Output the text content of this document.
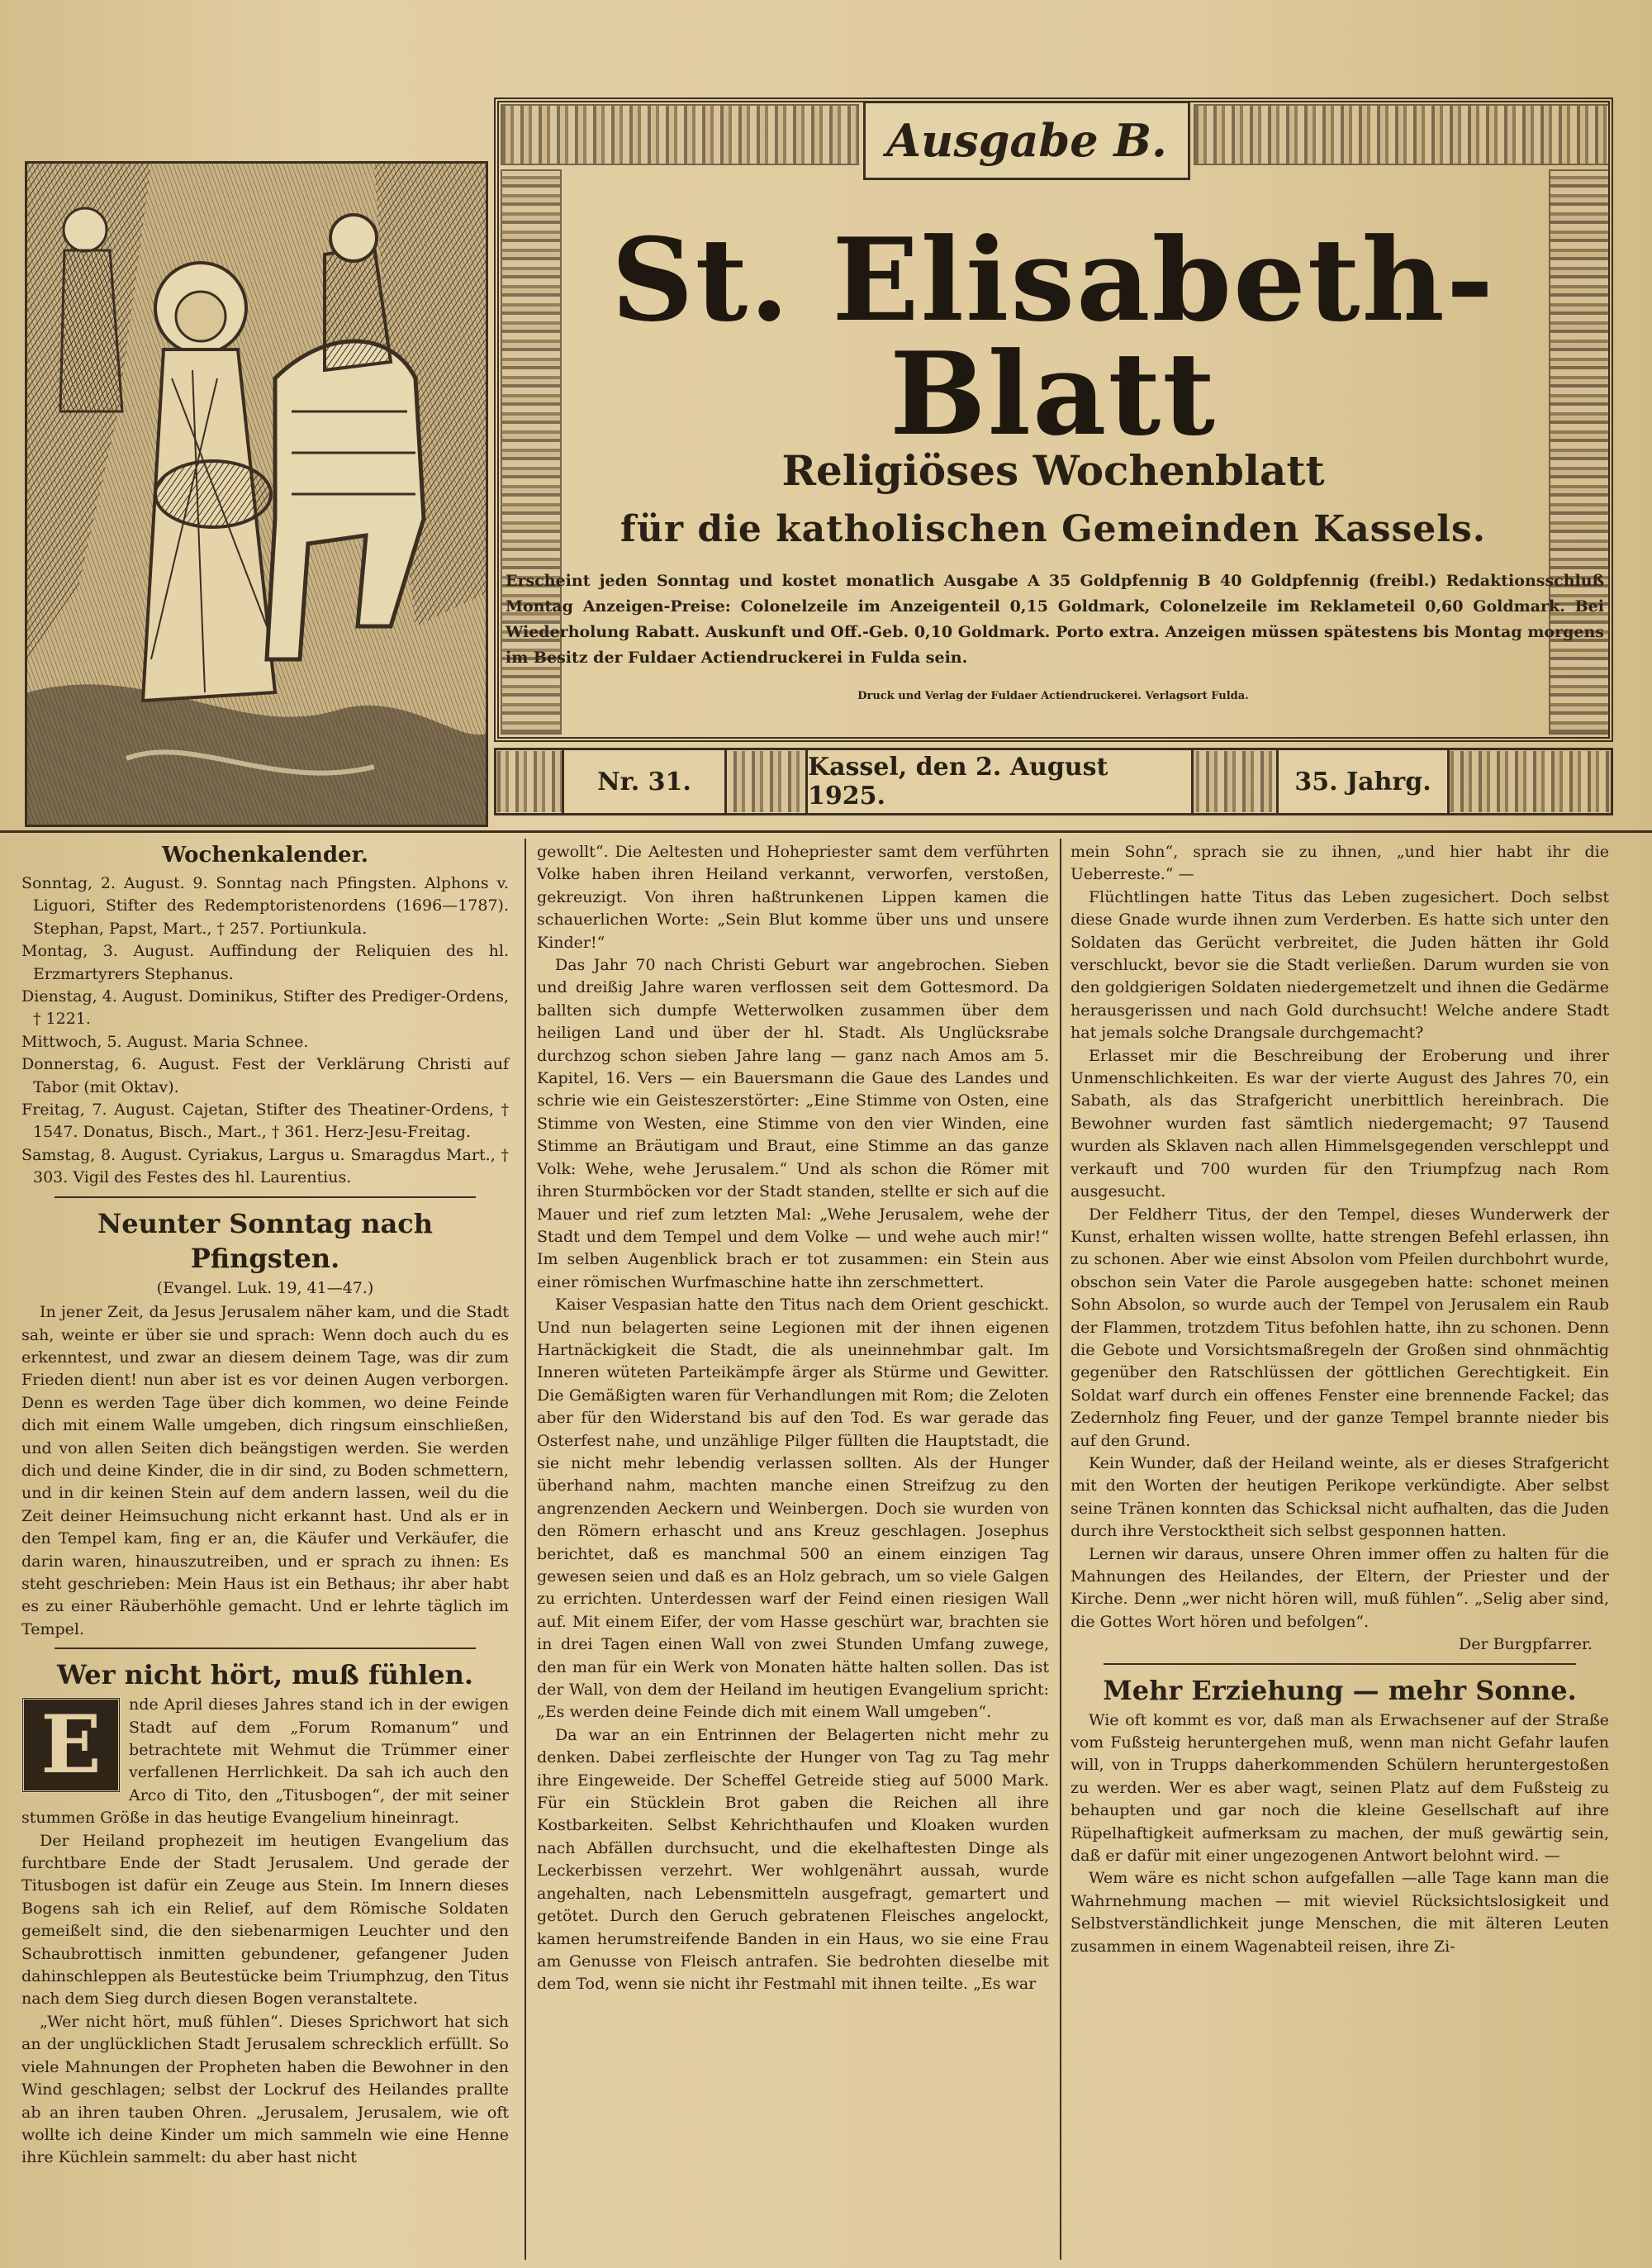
Ausgabe B.
St. Elisabeth-Blatt
Religiöses Wochenblatt
für die katholischen Gemeinden Kassels.
Erscheint jeden Sonntag und kostet monatlich Ausgabe A 35 Goldpfennig B 40 Goldpfennig (freibl.) Redaktionsschluß Montag Anzeigen-Preise: Colonelzeile im Anzeigenteil 0,15 Goldmark, Colonelzeile im Reklameteil 0,60 Goldmark. Bei Wiederholung Rabatt. Auskunft und Off.-Geb. 0,10 Goldmark. Porto extra. Anzeigen müssen spätestens bis Montag morgens im Besitz der Fuldaer Actiendruckerei in Fulda sein.
Druck und Verlag der Fuldaer Actiendruckerei. Verlagsort Fulda.
Nr. 31.	Kassel, den 2. August 1925.	35. Jahrg.
Wochenkalender.

Sonntag, 2. August. 9. Sonntag nach Pfingsten. Alphons v. Liguori, Stifter des Redemptoristenordens (1696—1787). Stephan, Papst, Mart., † 257. Portiunkula.

Montag, 3. August. Auffindung der Reliquien des hl. Erzmartyrers Stephanus.

Dienstag, 4. August. Dominikus, Stifter des Prediger-Ordens, † 1221.

Mittwoch, 5. August. Maria Schnee.

Donnerstag, 6. August. Fest der Verklärung Christi auf Tabor (mit Oktav).

Freitag, 7. August. Cajetan, Stifter des Theatiner-Ordens, † 1547. Donatus, Bisch., Mart., † 361. Herz-Jesu-Freitag.

Samstag, 8. August. Cyriakus, Largus u. Smaragdus Mart., † 303. Vigil des Festes des hl. Laurentius.

Neunter Sonntag nach Pfingsten.
(Evangel. Luk. 19, 41—47.)

In jener Zeit, da Jesus Jerusalem näher kam, und die Stadt sah, weinte er über sie und sprach: Wenn doch auch du es erkenntest, und zwar an diesem deinem Tage, was dir zum Frieden dient! nun aber ist es vor deinen Augen verborgen. Denn es werden Tage über dich kommen, wo deine Feinde dich mit einem Walle umgeben, dich ringsum einschließen, und von allen Seiten dich beängstigen werden. Sie werden dich und deine Kinder, die in dir sind, zu Boden schmettern, und in dir keinen Stein auf dem andern lassen, weil du die Zeit deiner Heimsuchung nicht erkannt hast. Und als er in den Tempel kam, fing er an, die Käufer und Verkäufer, die darin waren, hinauszutreiben, und er sprach zu ihnen: Es steht geschrieben: Mein Haus ist ein Bethaus; ihr aber habt es zu einer Räuberhöhle gemacht. Und er lehrte täglich im Tempel.

Wer nicht hört, muß fühlen.
E	nde April dieses Jahres stand ich in der ewigen Stadt auf dem „Forum Romanum“ und betrachtete mit Wehmut die Trümmer einer verfallenen Herrlichkeit. Da sah ich auch den Arco di Tito, den „Titusbogen“, der mit seiner stummen Größe in das heutige Evangelium hineinragt.

Der Heiland prophezeit im heutigen Evangelium das furchtbare Ende der Stadt Jerusalem. Und gerade der Titusbogen ist dafür ein Zeuge aus Stein. Im Innern dieses Bogens sah ich ein Relief, auf dem Römische Soldaten gemeißelt sind, die den siebenarmigen Leuchter und den Schaubrottisch inmitten gebundener, gefangener Juden dahinschleppen als Beutestücke beim Triumphzug, den Titus nach dem Sieg durch diesen Bogen veranstaltete.

„Wer nicht hört, muß fühlen“. Dieses Sprichwort hat sich an der unglücklichen Stadt Jerusalem schrecklich erfüllt. So viele Mahnungen der Propheten haben die Bewohner in den Wind geschlagen; selbst der Lockruf des Heilandes prallte ab an ihren tauben Ohren. „Jerusalem, Jerusalem, wie oft wollte ich deine Kinder um mich sammeln wie eine Henne ihre Küchlein sammelt: du aber hast nicht

gewollt“. Die Aeltesten und Hohepriester samt dem verführten Volke haben ihren Heiland verkannt, verworfen, verstoßen, gekreuzigt. Von ihren haßtrunkenen Lippen kamen die schauerlichen Worte: „Sein Blut komme über uns und unsere Kinder!“

Das Jahr 70 nach Christi Geburt war angebrochen. Sieben und dreißig Jahre waren verflossen seit dem Gottesmord. Da ballten sich dumpfe Wetterwolken zusammen über dem heiligen Land und über der hl. Stadt. Als Unglücksrabe durchzog schon sieben Jahre lang — ganz nach Amos am 5. Kapitel, 16. Vers — ein Bauersmann die Gaue des Landes und schrie wie ein Geisteszerstörter: „Eine Stimme von Osten, eine Stimme von Westen, eine Stimme von den vier Winden, eine Stimme an Bräutigam und Braut, eine Stimme an das ganze Volk: Wehe, wehe Jerusalem.“ Und als schon die Römer mit ihren Sturmböcken vor der Stadt standen, stellte er sich auf die Mauer und rief zum letzten Mal: „Wehe Jerusalem, wehe der Stadt und dem Tempel und dem Volke — und wehe auch mir!“ Im selben Augenblick brach er tot zusammen: ein Stein aus einer römischen Wurfmaschine hatte ihn zerschmettert.

Kaiser Vespasian hatte den Titus nach dem Orient geschickt. Und nun belagerten seine Legionen mit der ihnen eigenen Hartnäckigkeit die Stadt, die als uneinnehmbar galt. Im Inneren wüteten Parteikämpfe ärger als Stürme und Gewitter. Die Gemäßigten waren für Verhandlungen mit Rom; die Zeloten aber für den Widerstand bis auf den Tod. Es war gerade das Osterfest nahe, und unzählige Pilger füllten die Hauptstadt, die sie nicht mehr lebendig verlassen sollten. Als der Hunger überhand nahm, machten manche einen Streifzug zu den angrenzenden Aeckern und Weinbergen. Doch sie wurden von den Römern erhascht und ans Kreuz geschlagen. Josephus berichtet, daß es manchmal 500 an einem einzigen Tag gewesen seien und daß es an Holz gebrach, um so viele Galgen zu errichten. Unterdessen warf der Feind einen riesigen Wall auf. Mit einem Eifer, der vom Hasse geschürt war, brachten sie in drei Tagen einen Wall von zwei Stunden Umfang zuwege, den man für ein Werk von Monaten hätte halten sollen. Das ist der Wall, von dem der Heiland im heutigen Evangelium spricht: „Es werden deine Feinde dich mit einem Wall umgeben“.

Da war an ein Entrinnen der Belagerten nicht mehr zu denken. Dabei zerfleischte der Hunger von Tag zu Tag mehr ihre Eingeweide. Der Scheffel Getreide stieg auf 5000 Mark. Für ein Stücklein Brot gaben die Reichen all ihre Kostbarkeiten. Selbst Kehrichthaufen und Kloaken wurden nach Abfällen durchsucht, und die ekelhaftesten Dinge als Leckerbissen verzehrt. Wer wohlgenährt aussah, wurde angehalten, nach Lebensmitteln ausgefragt, gemartert und getötet. Durch den Geruch gebratenen Fleisches angelockt, kamen herumstreifende Banden in ein Haus, wo sie eine Frau am Genusse von Fleisch antrafen. Sie bedrohten dieselbe mit dem Tod, wenn sie nicht ihr Festmahl mit ihnen teilte. „Es war

mein Sohn“, sprach sie zu ihnen, „und hier habt ihr die Ueberreste.“ —

Flüchtlingen hatte Titus das Leben zugesichert. Doch selbst diese Gnade wurde ihnen zum Verderben. Es hatte sich unter den Soldaten das Gerücht verbreitet, die Juden hätten ihr Gold verschluckt, bevor sie die Stadt verließen. Darum wurden sie von den goldgierigen Soldaten niedergemetzelt und ihnen die Gedärme herausgerissen und nach Gold durchsucht! Welche andere Stadt hat jemals solche Drangsale durchgemacht?

Erlasset mir die Beschreibung der Eroberung und ihrer Unmenschlichkeiten. Es war der vierte August des Jahres 70, ein Sabath, als das Strafgericht unerbittlich hereinbrach. Die Bewohner wurden fast sämtlich niedergemacht; 97 Tausend wurden als Sklaven nach allen Himmelsgegenden verschleppt und verkauft und 700 wurden für den Triumpfzug nach Rom ausgesucht.

Der Feldherr Titus, der den Tempel, dieses Wunderwerk der Kunst, erhalten wissen wollte, hatte strengen Befehl erlassen, ihn zu schonen. Aber wie einst Absolon vom Pfeilen durchbohrt wurde, obschon sein Vater die Parole ausgegeben hatte: schonet meinen Sohn Absolon, so wurde auch der Tempel von Jerusalem ein Raub der Flammen, trotzdem Titus befohlen hatte, ihn zu schonen. Denn die Gebote und Vorsichtsmaßregeln der Großen sind ohnmächtig gegenüber den Ratschlüssen der göttlichen Gerechtigkeit. Ein Soldat warf durch ein offenes Fenster eine brennende Fackel; das Zedernholz fing Feuer, und der ganze Tempel brannte nieder bis auf den Grund.

Kein Wunder, daß der Heiland weinte, als er dieses Strafgericht mit den Worten der heutigen Perikope verkündigte. Aber selbst seine Tränen konnten das Schicksal nicht aufhalten, das die Juden durch ihre Verstocktheit sich selbst gesponnen hatten.

Lernen wir daraus, unsere Ohren immer offen zu halten für die Mahnungen des Heilandes, der Eltern, der Priester und der Kirche. Denn „wer nicht hören will, muß fühlen“. „Selig aber sind, die Gottes Wort hören und befolgen“.

Der Burgpfarrer.
Mehr Erziehung — mehr Sonne.

Wie oft kommt es vor, daß man als Erwachsener auf der Straße vom Fußsteig heruntergehen muß, wenn man nicht Gefahr laufen will, von in Trupps daherkommenden Schülern heruntergestoßen zu werden. Wer es aber wagt, seinen Platz auf dem Fußsteig zu behaupten und gar noch die kleine Gesellschaft auf ihre Rüpelhaftigkeit aufmerksam zu machen, der muß gewärtig sein, daß er dafür mit einer ungezogenen Antwort belohnt wird. —

Wem wäre es nicht schon aufgefallen —alle Tage kann man die Wahrnehmung machen — mit wieviel Rücksichtslosigkeit und Selbstverständlichkeit junge Menschen, die mit älteren Leuten zusammen in einem Wagenabteil reisen, ihre Zi-
